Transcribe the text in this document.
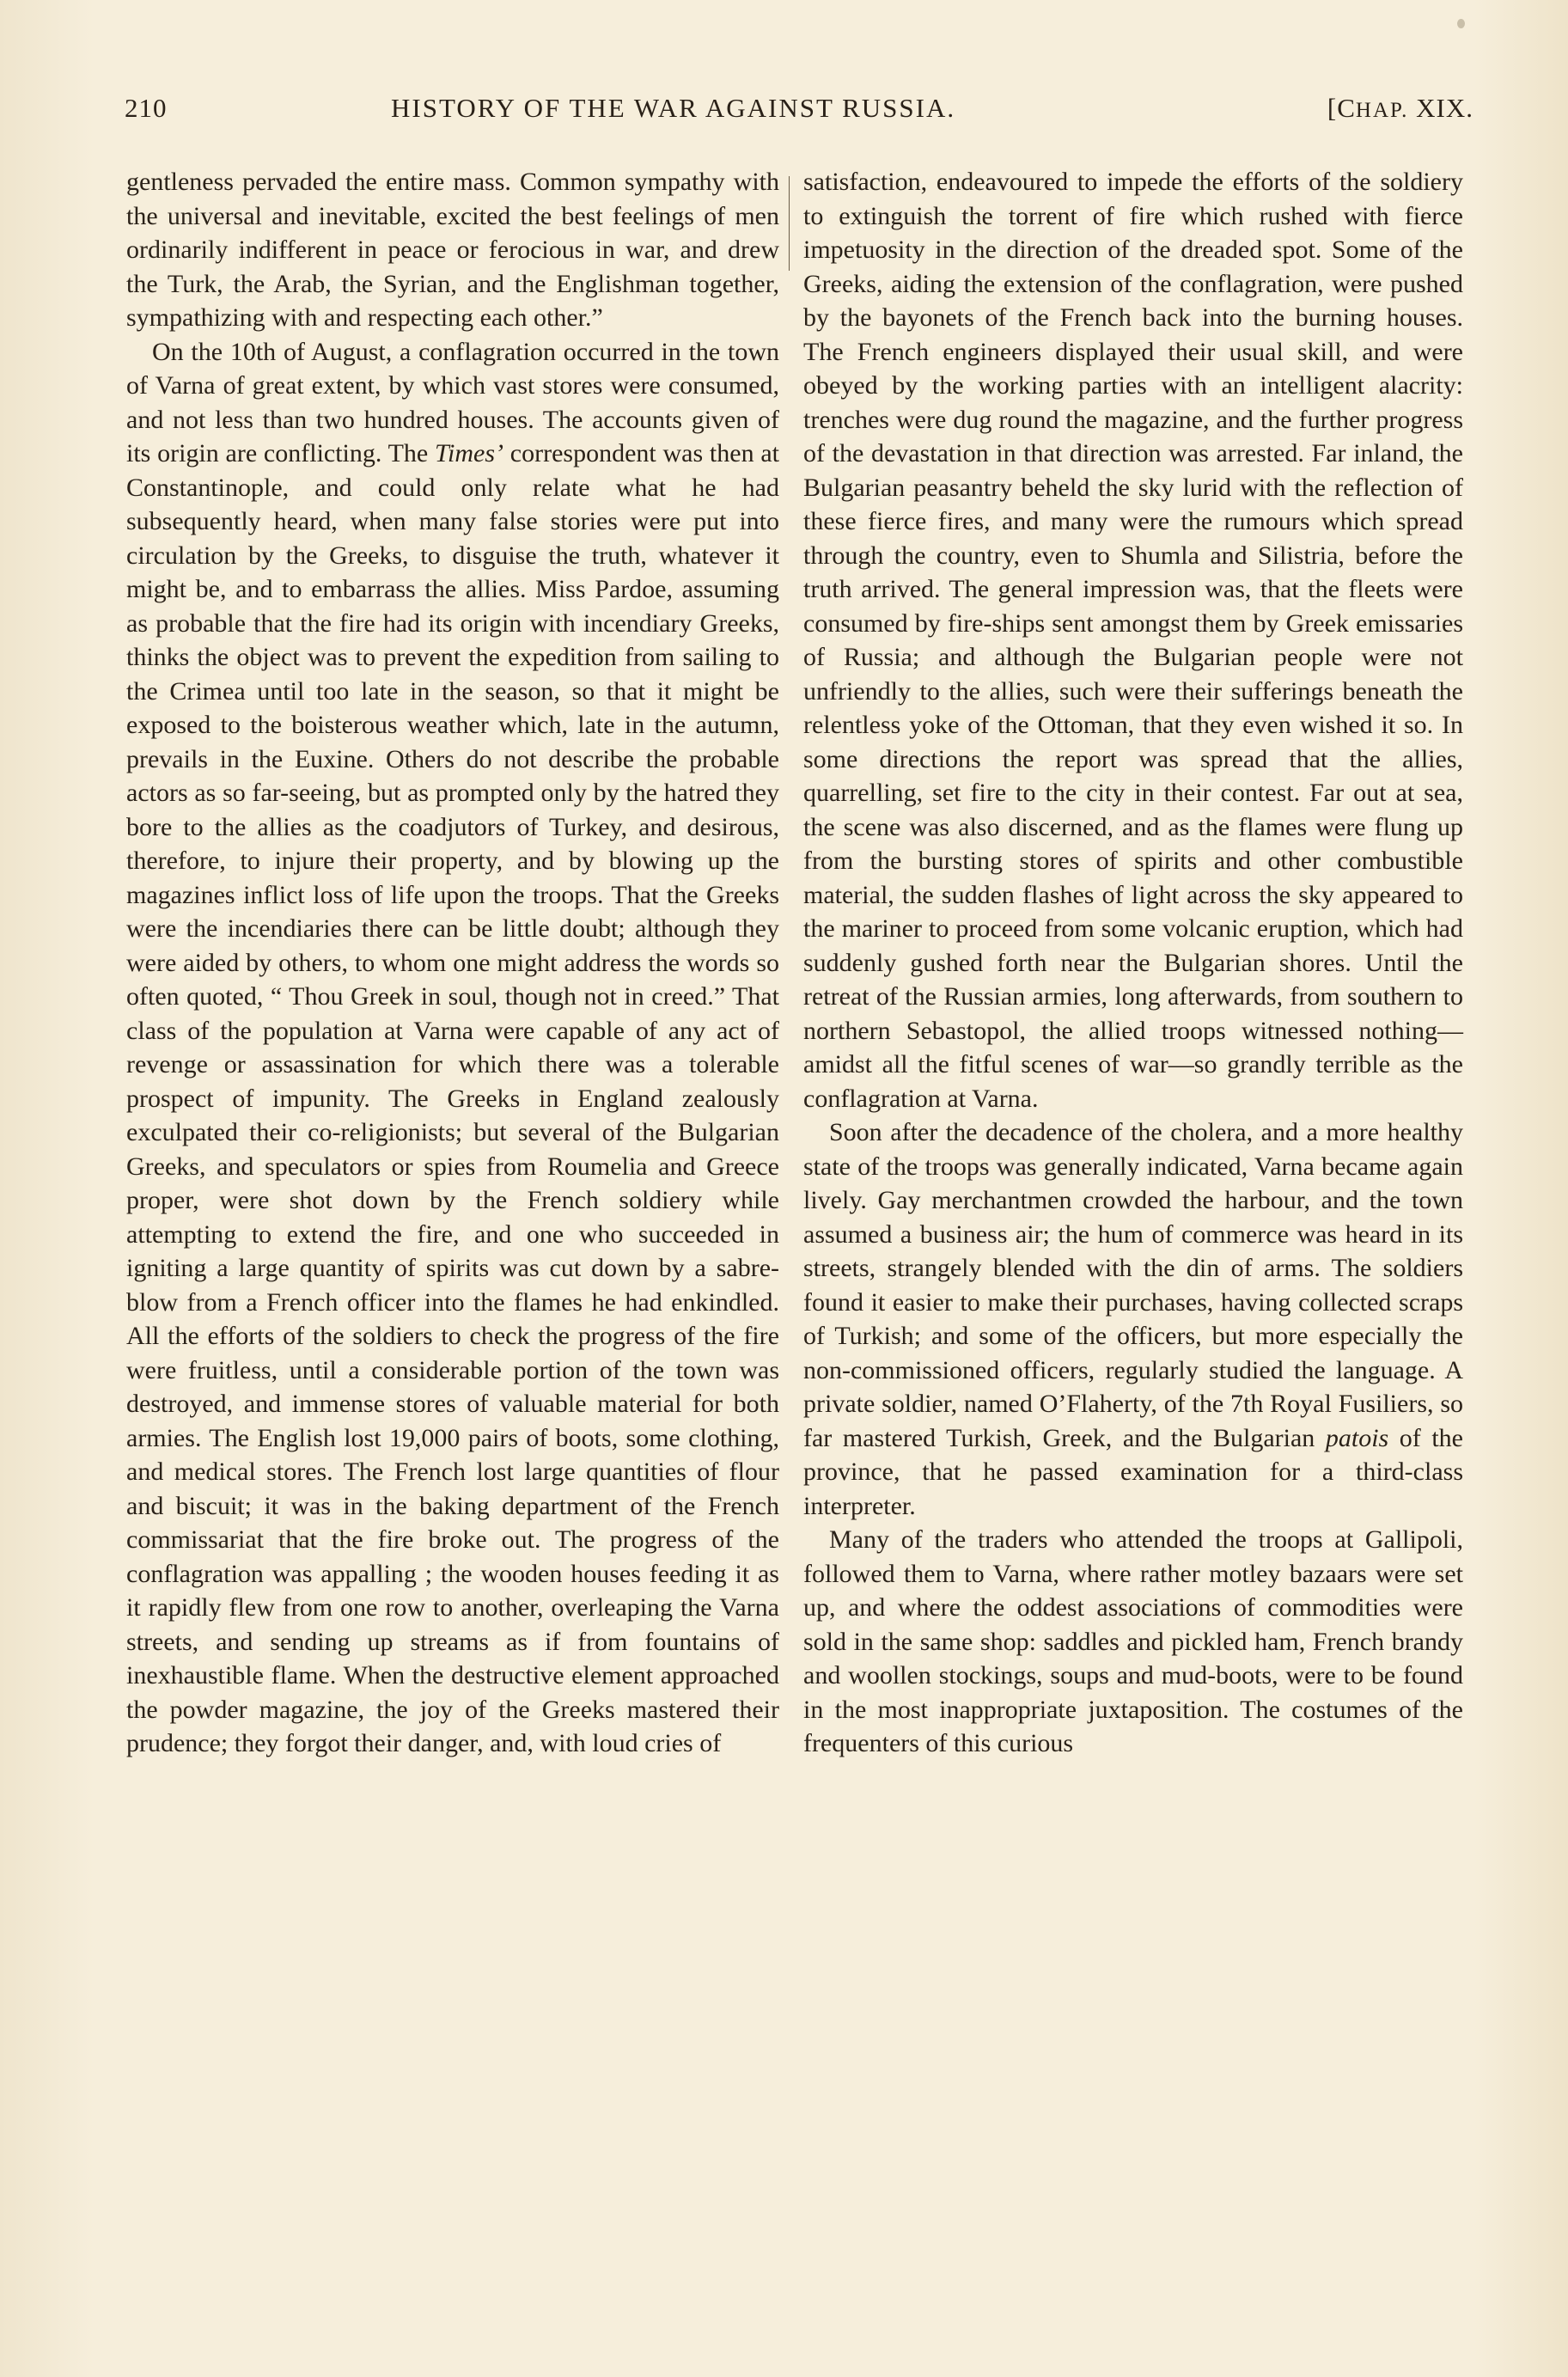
210	HISTORY OF THE WAR AGAINST RUSSIA.	[CHAP. XIX.

gentleness pervaded the entire mass. Common sympathy with the universal and inevitable, excited the best feelings of men ordinarily indifferent in peace or ferocious in war, and drew the Turk, the Arab, the Syrian, and the Englishman together, sympathizing with and respecting each other.”

On the 10th of August, a conflagration occurred in the town of Varna of great extent, by which vast stores were consumed, and not less than two hundred houses. The accounts given of its origin are conflicting. The Times’ correspondent was then at Constantinople, and could only relate what he had subsequently heard, when many false stories were put into circulation by the Greeks, to disguise the truth, whatever it might be, and to embarrass the allies. Miss Pardoe, assuming as probable that the fire had its origin with incendiary Greeks, thinks the object was to prevent the expedition from sailing to the Crimea until too late in the season, so that it might be exposed to the boisterous weather which, late in the autumn, prevails in the Euxine. Others do not describe the probable actors as so far-seeing, but as prompted only by the hatred they bore to the allies as the coadjutors of Turkey, and desirous, therefore, to injure their property, and by blowing up the magazines inflict loss of life upon the troops. That the Greeks were the incendiaries there can be little doubt; although they were aided by others, to whom one might address the words so often quoted, “ Thou Greek in soul, though not in creed.” That class of the population at Varna were capable of any act of revenge or assassination for which there was a tolerable prospect of impunity. The Greeks in England zealously exculpated their co-religionists; but several of the Bulgarian Greeks, and speculators or spies from Roumelia and Greece proper, were shot down by the French soldiery while attempting to extend the fire, and one who succeeded in igniting a large quantity of spirits was cut down by a sabre-blow from a French officer into the flames he had enkindled. All the efforts of the soldiers to check the progress of the fire were fruitless, until a considerable portion of the town was destroyed, and immense stores of valuable material for both armies. The English lost 19,000 pairs of boots, some clothing, and medical stores. The French lost large quantities of flour and biscuit; it was in the baking department of the French commissariat that the fire broke out. The progress of the conflagration was appalling ; the wooden houses feeding it as it rapidly flew from one row to another, overleaping the Varna streets, and sending up streams as if from fountains of inexhaustible flame. When the destructive element approached the powder magazine, the joy of the Greeks mastered their prudence; they forgot their danger, and, with loud cries of

satisfaction, endeavoured to impede the efforts of the soldiery to extinguish the torrent of fire which rushed with fierce impetuosity in the direction of the dreaded spot. Some of the Greeks, aiding the extension of the conflagration, were pushed by the bayonets of the French back into the burning houses. The French engineers displayed their usual skill, and were obeyed by the working parties with an intelligent alacrity: trenches were dug round the magazine, and the further progress of the devastation in that direction was arrested. Far inland, the Bulgarian peasantry beheld the sky lurid with the reflection of these fierce fires, and many were the rumours which spread through the country, even to Shumla and Silistria, before the truth arrived. The general impression was, that the fleets were consumed by fire-ships sent amongst them by Greek emissaries of Russia; and although the Bulgarian people were not unfriendly to the allies, such were their sufferings beneath the relentless yoke of the Ottoman, that they even wished it so. In some directions the report was spread that the allies, quarrelling, set fire to the city in their contest. Far out at sea, the scene was also discerned, and as the flames were flung up from the bursting stores of spirits and other combustible material, the sudden flashes of light across the sky appeared to the mariner to proceed from some volcanic eruption, which had suddenly gushed forth near the Bulgarian shores. Until the retreat of the Russian armies, long afterwards, from southern to northern Sebastopol, the allied troops witnessed nothing— amidst all the fitful scenes of war—so grandly terrible as the conflagration at Varna.

Soon after the decadence of the cholera, and a more healthy state of the troops was generally indicated, Varna became again lively. Gay merchantmen crowded the harbour, and the town assumed a business air; the hum of commerce was heard in its streets, strangely blended with the din of arms. The soldiers found it easier to make their purchases, having collected scraps of Turkish; and some of the officers, but more especially the non-commissioned officers, regularly studied the language. A private soldier, named O’Flaherty, of the 7th Royal Fusiliers, so far mastered Turkish, Greek, and the Bulgarian patois of the province, that he passed examination for a third-class interpreter.

Many of the traders who attended the troops at Gallipoli, followed them to Varna, where rather motley bazaars were set up, and where the oddest associations of commodities were sold in the same shop: saddles and pickled ham, French brandy and woollen stockings, soups and mud-boots, were to be found in the most inappropriate juxtaposition. The costumes of the frequenters of this curious
